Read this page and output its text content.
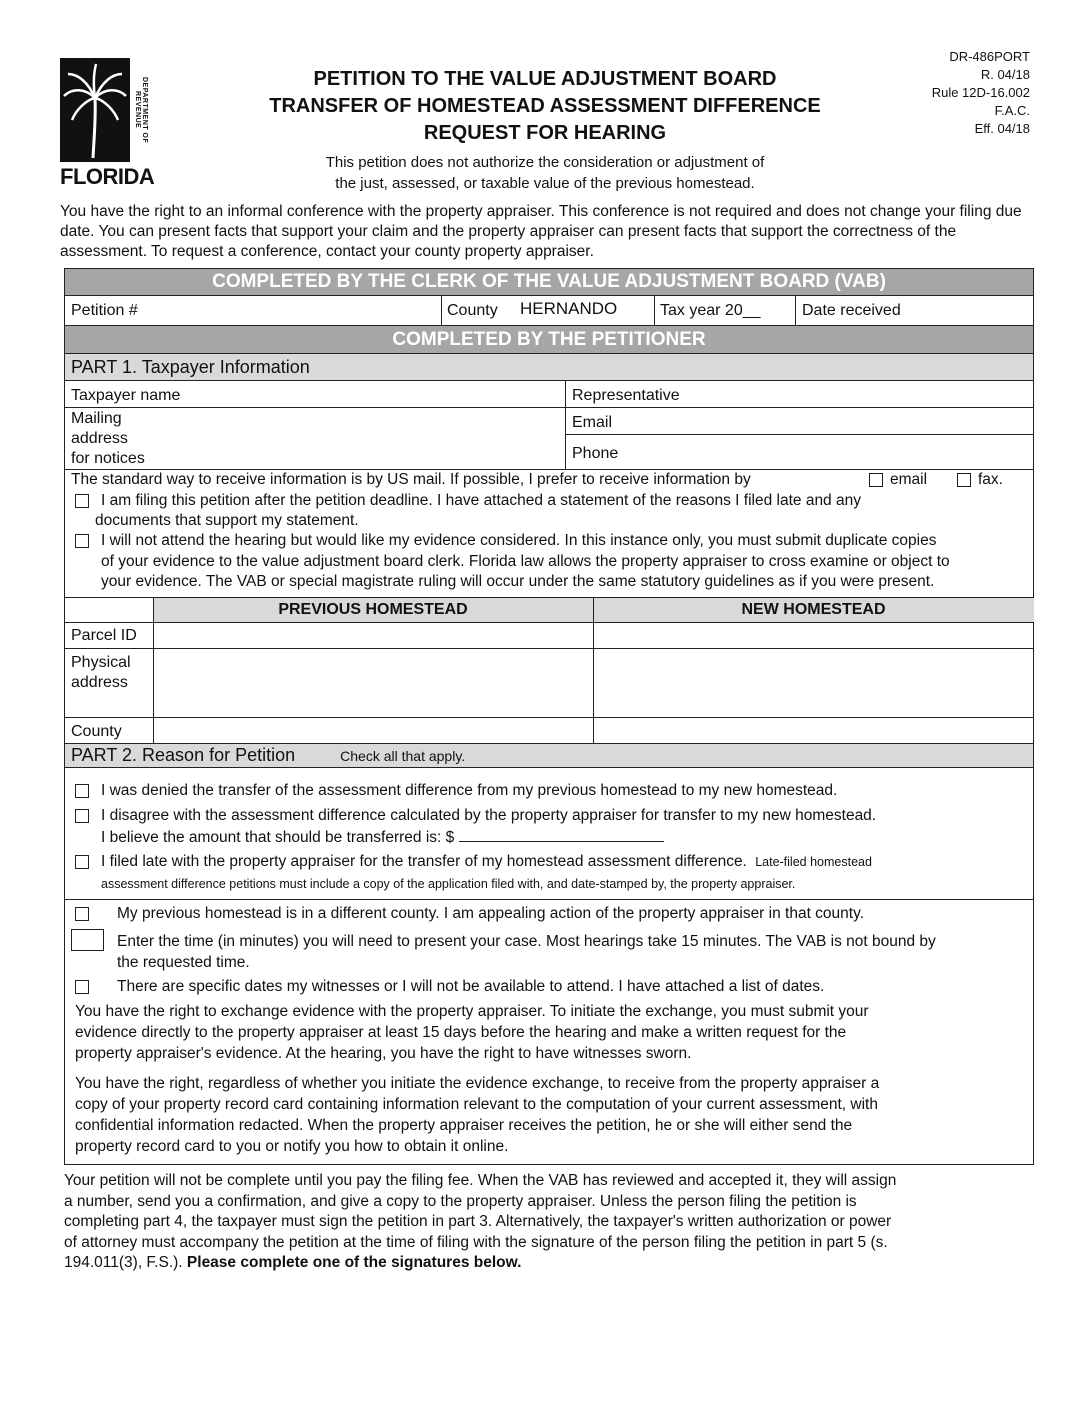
DEPARTMENT OF REVENUE
FLORIDA
PETITION TO THE VALUE ADJUSTMENT BOARD
TRANSFER OF HOMESTEAD ASSESSMENT DIFFERENCE
REQUEST FOR HEARING
This petition does not authorize the consideration or adjustment of
the just, assessed, or taxable value of the previous homestead.
DR-486PORT
R. 04/18
Rule 12D-16.002
F.A.C.
Eff. 04/18
You have the right to an informal conference with the property appraiser. This conference is not required and does not change your filing due date. You can present facts that support your claim and the property appraiser can present facts that support the correctness of the assessment. To request a conference, contact your county property appraiser.
COMPLETED BY THE CLERK OF THE VALUE ADJUSTMENT BOARD (VAB)
Petition #	County HERNANDO	Tax year 20__	Date received
COMPLETED BY THE PETITIONER
PART 1. Taxpayer Information
Taxpayer name	Representative
Mailing
address
for notices
Email
Phone
The standard way to receive information is by US mail. If possible, I prefer to receive information by	email	fax.
I am filing this petition after the petition deadline. I have attached a statement of the reasons I filed late and any
documents that support my statement.
I will not attend the hearing but would like my evidence considered. In this instance only, you must submit duplicate copies
of your evidence to the value adjustment board clerk. Florida law allows the property appraiser to cross examine or object to
your evidence. The VAB or special magistrate ruling will occur under the same statutory guidelines as if you were present.
PREVIOUS HOMESTEAD	NEW HOMESTEAD
Parcel ID
Physical
address
County
PART 2. Reason for Petition	Check all that apply.
I was denied the transfer of the assessment difference from my previous homestead to my new homestead.
I disagree with the assessment difference calculated by the property appraiser for transfer to my new homestead.
I believe the amount that should be transferred is: $
I filed late with the property appraiser for the transfer of my homestead assessment difference. Late-filed homestead
assessment difference petitions must include a copy of the application filed with, and date-stamped by, the property appraiser.
My previous homestead is in a different county. I am appealing action of the property appraiser in that county.
Enter the time (in minutes) you will need to present your case. Most hearings take 15 minutes. The VAB is not bound by
the requested time.
There are specific dates my witnesses or I will not be available to attend. I have attached a list of dates.
You have the right to exchange evidence with the property appraiser. To initiate the exchange, you must submit your
evidence directly to the property appraiser at least 15 days before the hearing and make a written request for the
property appraiser's evidence. At the hearing, you have the right to have witnesses sworn.
You have the right, regardless of whether you initiate the evidence exchange, to receive from the property appraiser a
copy of your property record card containing information relevant to the computation of your current assessment, with
confidential information redacted. When the property appraiser receives the petition, he or she will either send the
property record card to you or notify you how to obtain it online.
Your petition will not be complete until you pay the filing fee. When the VAB has reviewed and accepted it, they will assign
a number, send you a confirmation, and give a copy to the property appraiser. Unless the person filing the petition is
completing part 4, the taxpayer must sign the petition in part 3. Alternatively, the taxpayer's written authorization or power
of attorney must accompany the petition at the time of filing with the signature of the person filing the petition in part 5 (s.
194.011(3), F.S.). Please complete one of the signatures below.
